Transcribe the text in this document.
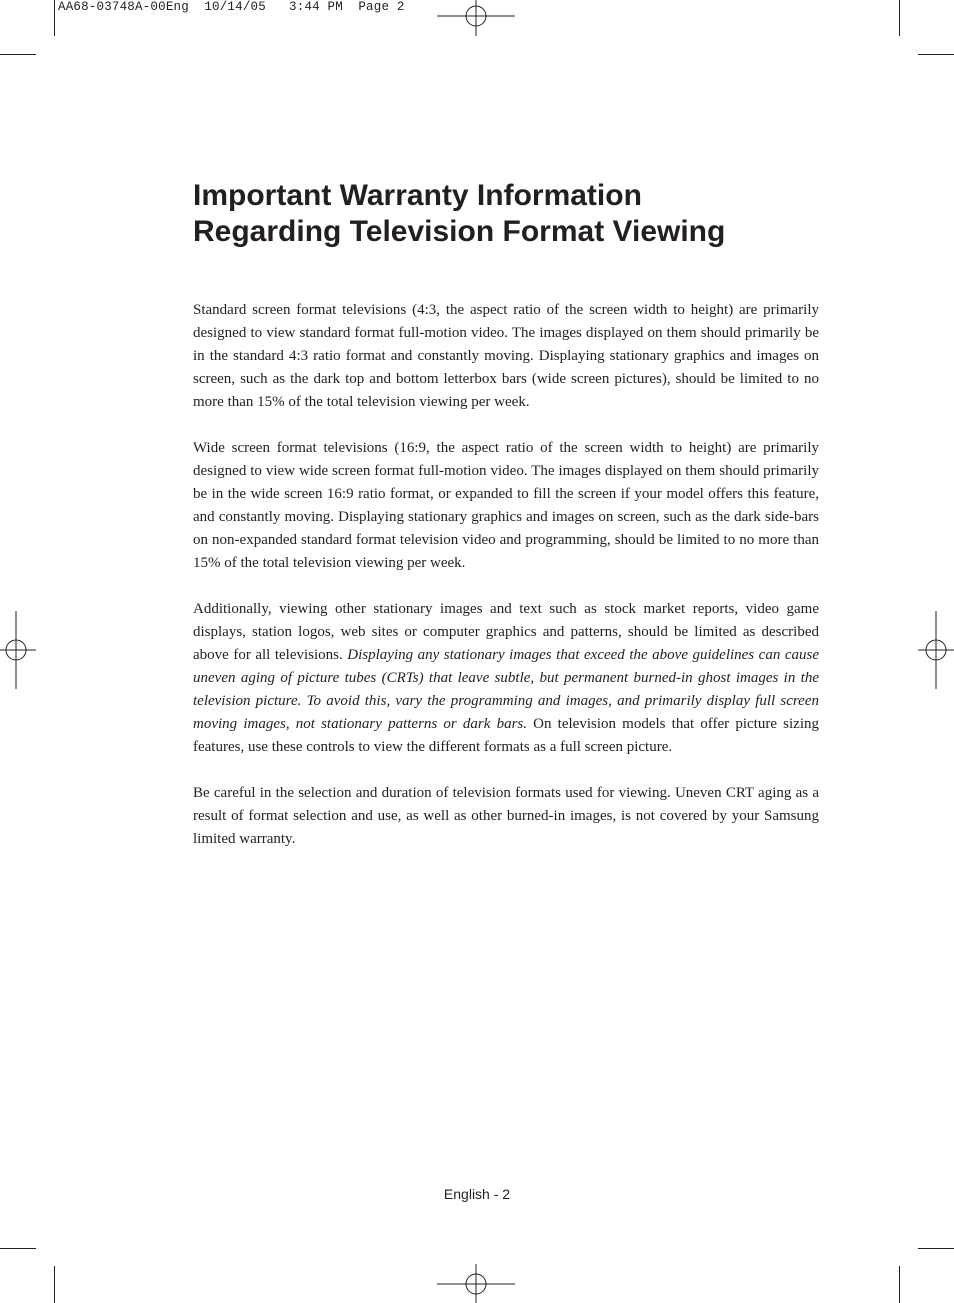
AA68-03748A-00Eng  10/14/05   3:44 PM  Page 2
Important Warranty Information Regarding Television Format Viewing

Standard screen format televisions (4:3, the aspect ratio of the screen width to height) are primarily designed to view standard format full-motion video. The images displayed on them should primarily be in the standard 4:3 ratio format and constantly moving. Displaying stationary graphics and images on screen, such as the dark top and bottom letterbox bars (wide screen pictures), should be limited to no more than 15% of the total television viewing per week.

Wide screen format televisions (16:9, the aspect ratio of the screen width to height) are primarily designed to view wide screen format full-motion video. The images displayed on them should primarily be in the wide screen 16:9 ratio format, or expanded to fill the screen if your model offers this feature, and constantly moving. Displaying stationary graphics and images on screen, such as the dark side-bars on non-expanded standard format television video and programming, should be limited to no more than 15% of the total television viewing per week.

Additionally, viewing other stationary images and text such as stock market reports, video game displays, station logos, web sites or computer graphics and patterns, should be limited as described above for all televisions. Displaying any stationary images that exceed the above guidelines can cause uneven aging of picture tubes (CRTs) that leave subtle, but permanent burned-in ghost images in the television picture. To avoid this, vary the programming and images, and primarily display full screen moving images, not stationary patterns or dark bars. On television models that offer picture sizing features, use these controls to view the different formats as a full screen picture.

Be careful in the selection and duration of television formats used for viewing. Uneven CRT aging as a result of format selection and use, as well as other burned-in images, is not covered by your Samsung limited warranty.

English - 2
